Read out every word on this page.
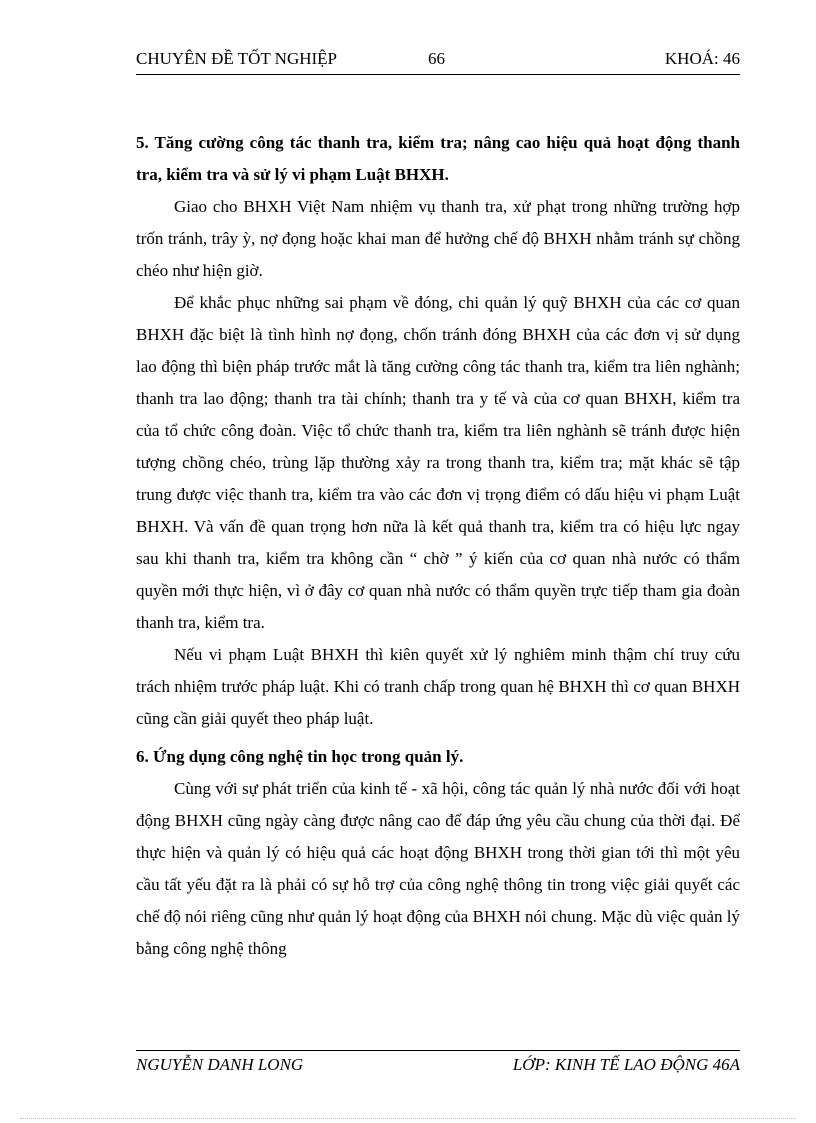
CHUYÊN ĐỀ TỐT NGHIỆP	66	KHOÁ: 46

5. Tăng cường công tác thanh tra, kiểm tra; nâng cao hiệu quả hoạt động thanh tra, kiểm tra và sử lý vi phạm Luật BHXH.

Giao cho BHXH Việt Nam nhiệm vụ thanh tra, xử phạt trong những trường hợp trốn tránh, trây ỳ, nợ đọng hoặc khai man để hưởng chế độ BHXH nhằm tránh sự chồng chéo như hiện giờ.

Để khắc phục những sai phạm về đóng, chi quản lý quỹ BHXH của các cơ quan BHXH đặc biệt là tình hình nợ đọng, chốn tránh đóng BHXH của các đơn vị sử dụng lao động thì biện pháp trước mắt là tăng cường công tác thanh tra, kiểm tra liên nghành; thanh tra lao động; thanh tra tài chính; thanh tra y tế và của cơ quan BHXH, kiểm tra của tổ chức công đoàn. Việc tổ chức thanh tra, kiểm tra liên nghành sẽ tránh được hiện tượng chồng chéo, trùng lặp thường xảy ra trong thanh tra, kiểm tra; mặt khác sẽ tập trung được việc thanh tra, kiểm tra vào các đơn vị trọng điểm có dấu hiệu vi phạm Luật BHXH. Và vấn đề quan trọng hơn nữa là kết quả thanh tra, kiểm tra có hiệu lực ngay sau khi thanh tra, kiểm tra không cần “ chờ ” ý kiến của cơ quan nhà nước có thẩm quyền mới thực hiện, vì ở đây cơ quan nhà nước có thẩm quyền trực tiếp tham gia đoàn thanh tra, kiểm tra.

Nếu vi phạm Luật BHXH thì kiên quyết xử lý nghiêm minh thậm chí truy cứu trách nhiệm trước pháp luật. Khi có tranh chấp trong quan hệ BHXH thì cơ quan BHXH cũng cần giải quyết theo pháp luật.

6. Ứng dụng công nghệ tin học trong quản lý.

Cùng với sự phát triển của kinh tế - xã hội, công tác quản lý nhà nước đối với hoạt động BHXH cũng ngày càng được nâng cao để đáp ứng yêu cầu chung của thời đại. Để thực hiện và quản lý có hiệu quả các hoạt động BHXH trong thời gian tới thì một yêu cầu tất yếu đặt ra là phải có sự hỗ trợ của công nghệ thông tin trong việc giải quyết các chế độ nói riêng cũng như quản lý hoạt động của BHXH nói chung. Mặc dù việc quản lý bằng công nghệ thông

NGUYỄN DANH LONG	LỚP: KINH TẾ LAO ĐỘNG 46A
